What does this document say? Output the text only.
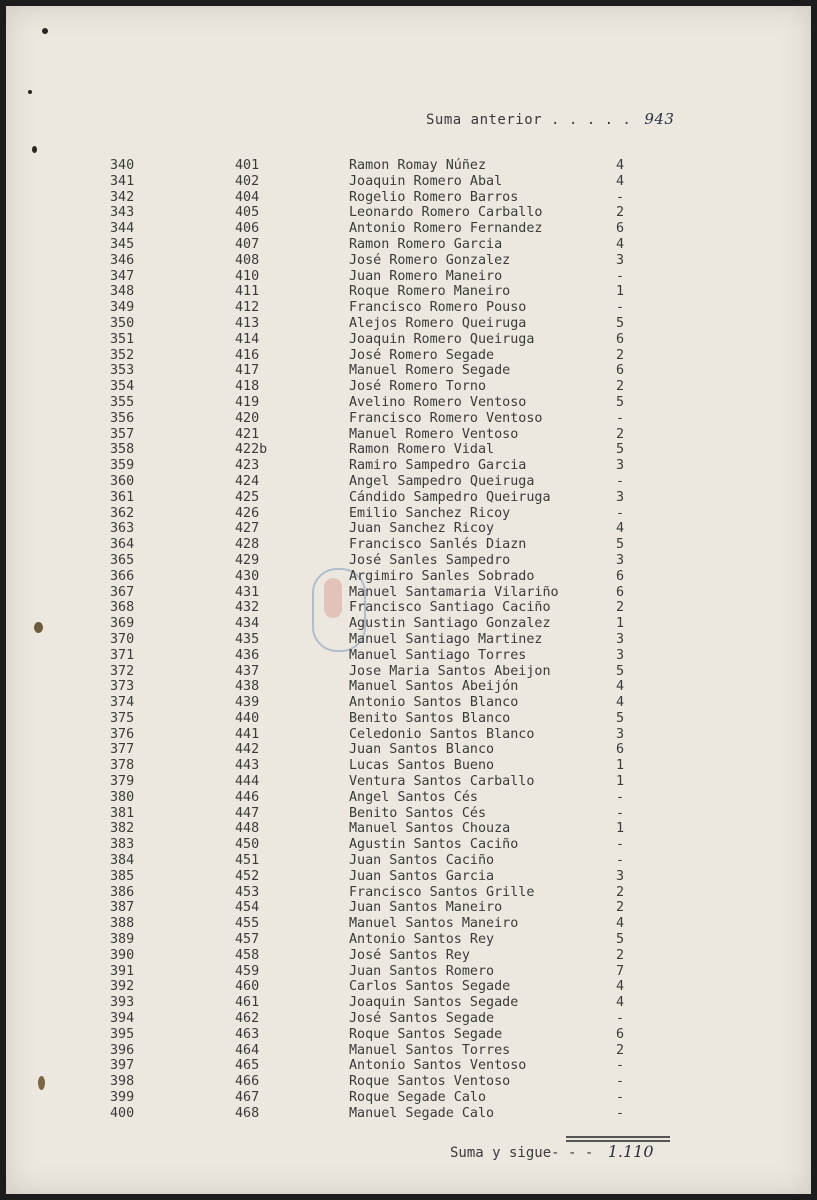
Suma anterior . . . . . 943
340	401	Ramon Romay Núñez	4
341	402	Joaquin Romero Abal	4
342	404	Rogelio Romero Barros	-
343	405	Leonardo Romero Carballo	2
344	406	Antonio Romero Fernandez	6
345	407	Ramon Romero Garcia	4
346	408	José Romero Gonzalez	3
347	410	Juan Romero Maneiro	-
348	411	Roque Romero Maneiro	1
349	412	Francisco Romero Pouso	-
350	413	Alejos Romero Queiruga	5
351	414	Joaquin Romero Queiruga	6
352	416	José Romero Segade	2
353	417	Manuel Romero Segade	6
354	418	José Romero Torno	2
355	419	Avelino Romero Ventoso	5
356	420	Francisco Romero Ventoso	-
357	421	Manuel Romero Ventoso	2
358	422b	Ramon Romero Vidal	5
359	423	Ramiro Sampedro Garcia	3
360	424	Angel Sampedro Queiruga	-
361	425	Cándido Sampedro Queiruga	3
362	426	Emilio Sanchez Ricoy	-
363	427	Juan Sanchez Ricoy	4
364	428	Francisco Sanlés Diazn	5
365	429	José Sanles Sampedro	3
366	430	Argimiro Sanles Sobrado	6
367	431	Manuel Santamaria Vilariño	6
368	432	Francisco Santiago Caciño	2
369	434	Agustin Santiago Gonzalez	1
370	435	Manuel Santiago Martinez	3
371	436	Manuel Santiago Torres	3
372	437	Jose Maria Santos Abeijon	5
373	438	Manuel Santos Abeijón	4
374	439	Antonio Santos Blanco	4
375	440	Benito Santos Blanco	5
376	441	Celedonio Santos Blanco	3
377	442	Juan Santos Blanco	6
378	443	Lucas Santos Bueno	1
379	444	Ventura Santos Carballo	1
380	446	Angel Santos Cés	-
381	447	Benito Santos Cés	-
382	448	Manuel Santos Chouza	1
383	450	Agustin Santos Caciño	-
384	451	Juan Santos Caciño	-
385	452	Juan Santos Garcia	3
386	453	Francisco Santos Grille	2
387	454	Juan Santos Maneiro	2
388	455	Manuel Santos Maneiro	4
389	457	Antonio Santos Rey	5
390	458	José Santos Rey	2
391	459	Juan Santos Romero	7
392	460	Carlos Santos Segade	4
393	461	Joaquin Santos Segade	4
394	462	José Santos Segade	-
395	463	Roque Santos Segade	6
396	464	Manuel Santos Torres	2
397	465	Antonio Santos Ventoso	-
398	466	Roque Santos Ventoso	-
399	467	Roque Segade Calo	-
400	468	Manuel Segade Calo	-
Suma y sigue- - - 1.110
